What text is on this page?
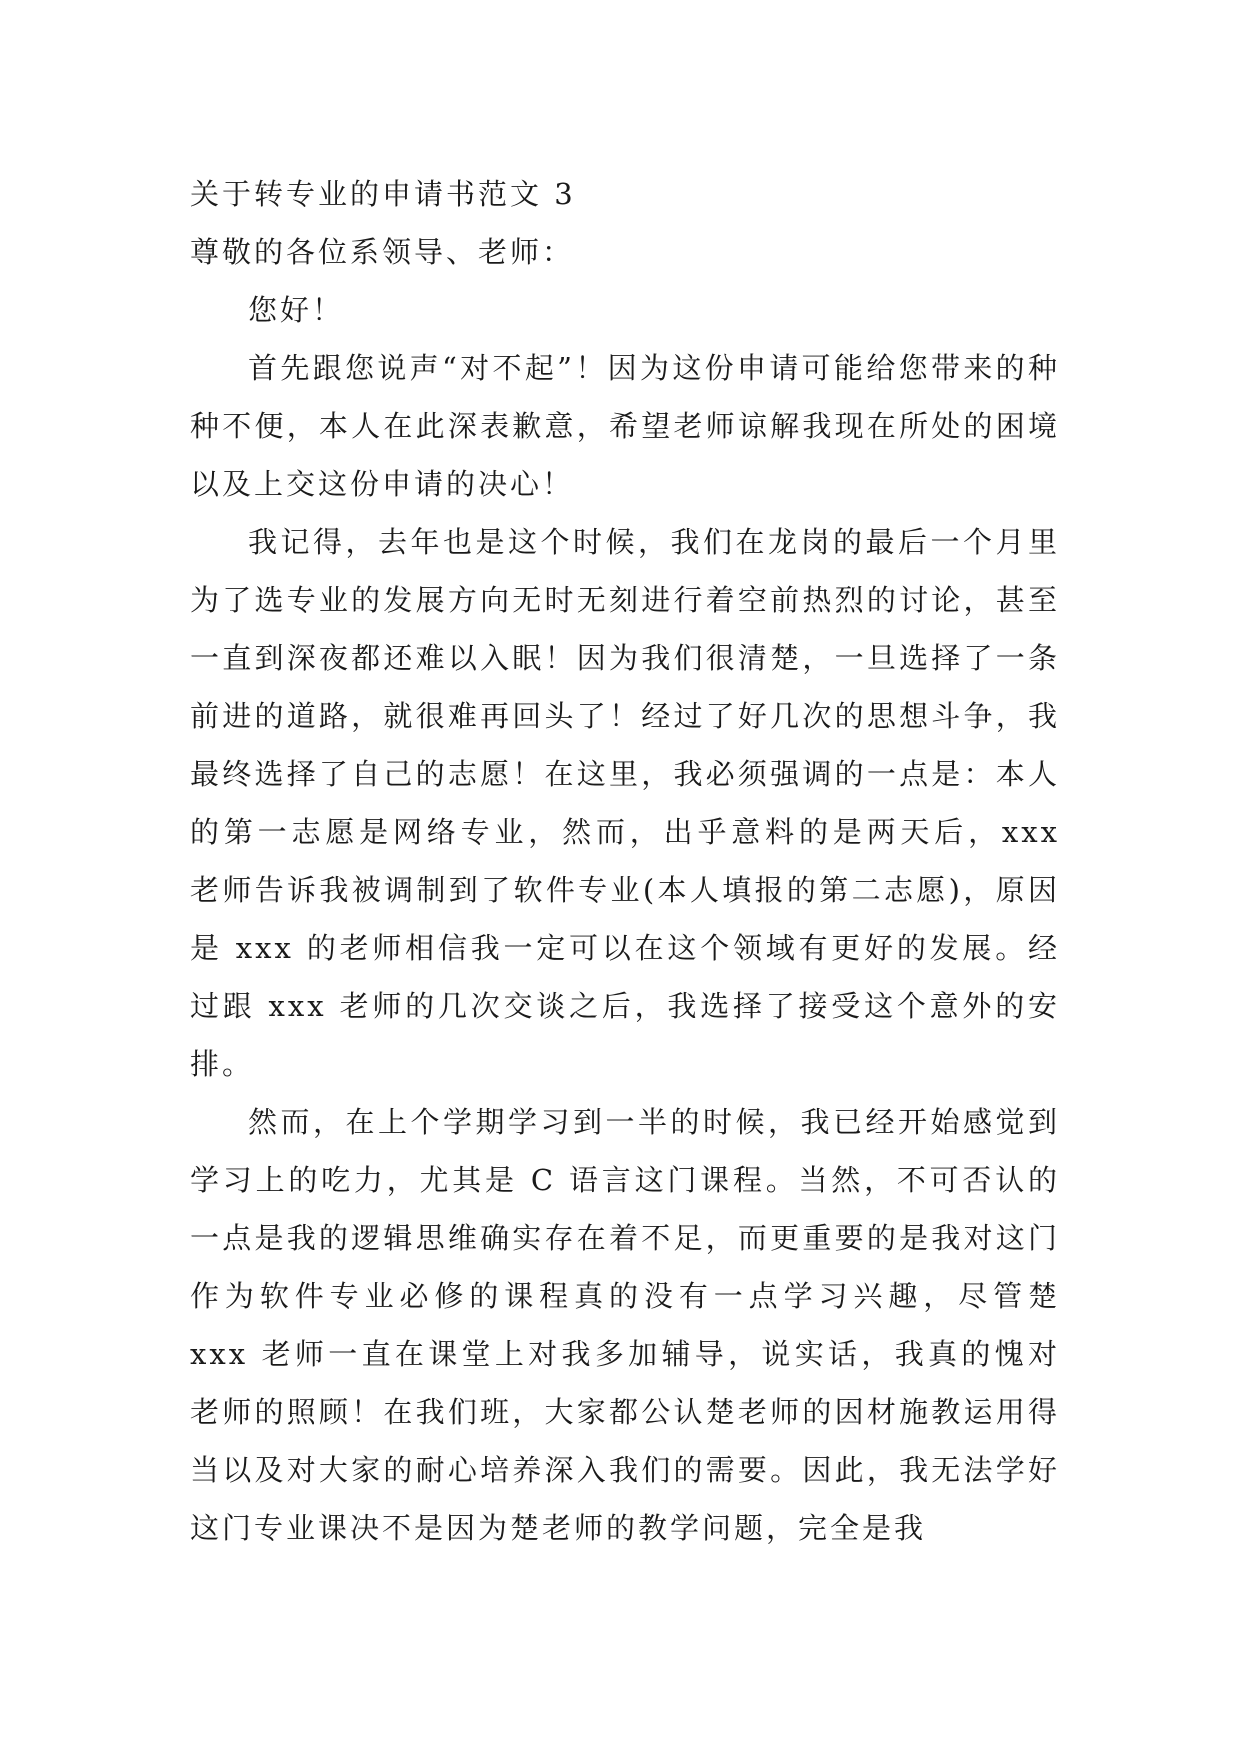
关于转专业的申请书范文 3
尊敬的各位系领导、老师：
您好！

首先跟您说声“对不起”！因为这份申请可能给您带来的种种不便，本人在此深表歉意，希望老师谅解我现在所处的困境以及上交这份申请的决心！

我记得，去年也是这个时候，我们在龙岗的最后一个月里为了选专业的发展方向无时无刻进行着空前热烈的讨论，甚至一直到深夜都还难以入眠！因为我们很清楚，一旦选择了一条前进的道路，就很难再回头了！经过了好几次的思想斗争，我最终选择了自己的志愿！在这里，我必须强调的一点是：本人的第一志愿是网络专业，然而，出乎意料的是两天后，xxx 老师告诉我被调制到了软件专业(本人填报的第二志愿)，原因是 xxx 的老师相信我一定可以在这个领域有更好的发展。经过跟 xxx 老师的几次交谈之后，我选择了接受这个意外的安排。

然而，在上个学期学习到一半的时候，我已经开始感觉到学习上的吃力，尤其是 C 语言这门课程。当然，不可否认的一点是我的逻辑思维确实存在着不足，而更重要的是我对这门作为软件专业必修的课程真的没有一点学习兴趣，尽管楚 xxx 老师一直在课堂上对我多加辅导，说实话，我真的愧对老师的照顾！在我们班，大家都公认楚老师的因材施教运用得当以及对大家的耐心培养深入我们的需要。因此，我无法学好这门专业课决不是因为楚老师的教学问题，完全是我
